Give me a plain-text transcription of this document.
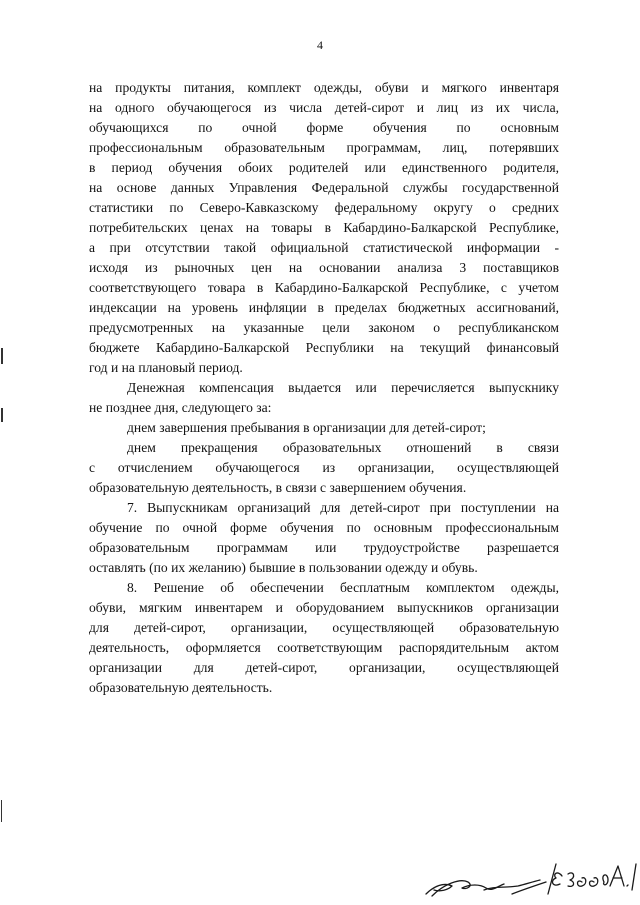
4
на продукты питания, комплект одежды, обуви и мягкого инвентаря
на одного обучающегося из числа детей-сирот и лиц из их числа,
обучающихся по очной форме обучения по основным
профессиональным образовательным программам, лиц, потерявших
в период обучения обоих родителей или единственного родителя,
на основе данных Управления Федеральной службы государственной
статистики по Северо-Кавказскому федеральному округу о средних
потребительских ценах на товары в Кабардино-Балкарской Республике,
а при отсутствии такой официальной статистической информации -
исходя из рыночных цен на основании анализа 3 поставщиков
соответствующего товара в Кабардино-Балкарской Республике, с учетом
индексации на уровень инфляции в пределах бюджетных ассигнований,
предусмотренных на указанные цели законом о республиканском
бюджете Кабардино-Балкарской Республики на текущий финансовый
год и на плановый период.
Денежная компенсация выдается или перечисляется выпускнику
не позднее дня, следующего за:
днем завершения пребывания в организации для детей-сирот;
днем прекращения образовательных отношений в связи
с отчислением обучающегося из организации, осуществляющей
образовательную деятельность, в связи с завершением обучения.
7. Выпускникам организаций для детей-сирот при поступлении на
обучение по очной форме обучения по основным профессиональным
образовательным программам или трудоустройстве разрешается
оставлять (по их желанию) бывшие в пользовании одежду и обувь.
8. Решение об обеспечении бесплатным комплектом одежды,
обуви, мягким инвентарем и оборудованием выпускников организации
для детей-сирот, организации, осуществляющей образовательную
деятельность, оформляется соответствующим распорядительным актом
организации для детей-сирот, организации, осуществляющей
образовательную деятельность.
